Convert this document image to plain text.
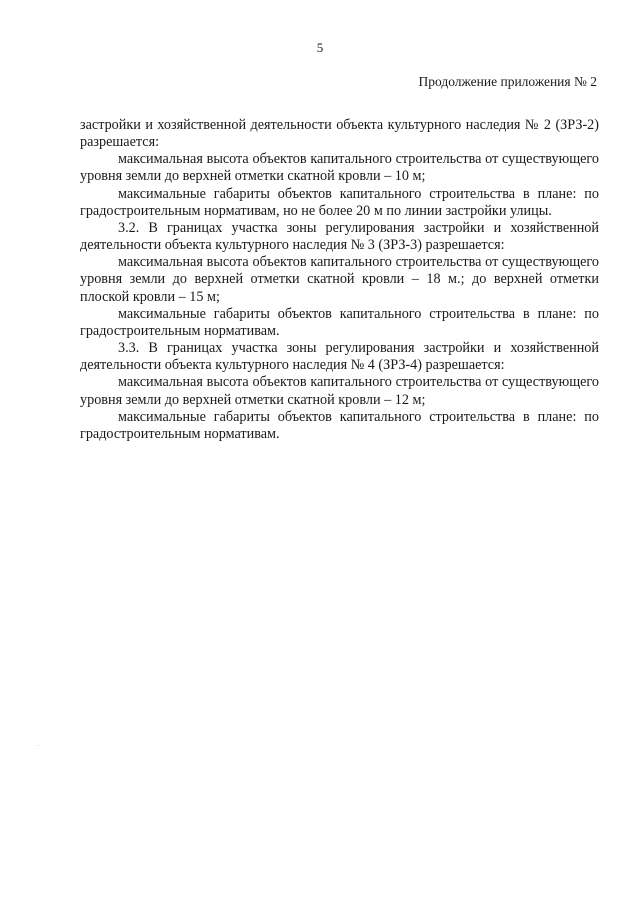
5
Продолжение приложения № 2

застройки и хозяйственной деятельности объекта культурного наследия № 2 (ЗРЗ-2) разрешается:

максимальная высота объектов капитального строительства от существующего уровня земли до верхней отметки скатной кровли – 10 м;

максимальные габариты объектов капитального строительства в плане: по градостроительным нормативам, но не более 20 м по линии застройки улицы.

3.2. В границах участка зоны регулирования застройки и хозяйственной деятельности объекта культурного наследия № 3 (ЗРЗ-3) разрешается:

максимальная высота объектов капитального строительства от существующего уровня земли до верхней отметки скатной кровли – 18 м.; до верхней отметки плоской кровли – 15 м;

максимальные габариты объектов капитального строительства в плане: по градостроительным нормативам.

3.3. В границах участка зоны регулирования застройки и хозяйственной деятельности объекта культурного наследия № 4 (ЗРЗ-4) разрешается:

максимальная высота объектов капитального строительства от существующего уровня земли до верхней отметки скатной кровли – 12 м;

максимальные габариты объектов капитального строительства в плане: по градостроительным нормативам.
